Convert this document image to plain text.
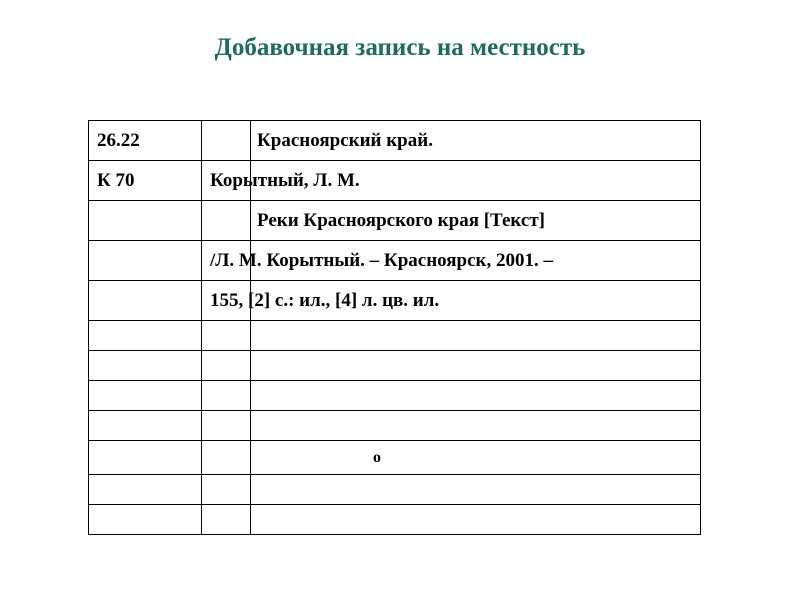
Добавочная запись на местность
26.22		Красноярский край.
К 70	Корытный, Л. М.	
		Реки Красноярского края [Текст]
	/Л. М. Корытный. – Красноярск, 2001. –	
	155, [2] с.: ил., [4] л. цв. ил.	

		о
